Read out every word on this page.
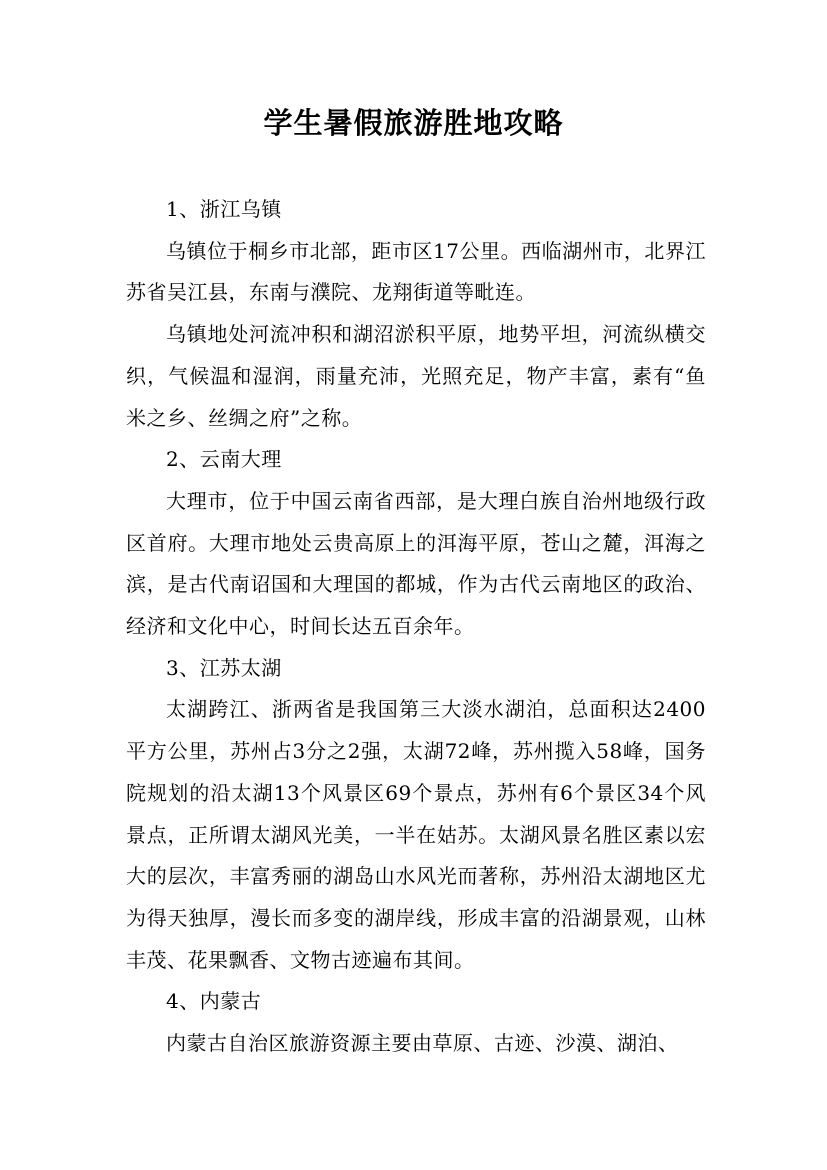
学生暑假旅游胜地攻略

1、浙江乌镇

乌镇位于桐乡市北部，距市区17公里。西临湖州市，北界江苏省吴江县，东南与濮院、龙翔街道等毗连。

乌镇地处河流冲积和湖沼淤积平原，地势平坦，河流纵横交织，气候温和湿润，雨量充沛，光照充足，物产丰富，素有“鱼米之乡、丝绸之府”之称。

2、云南大理

大理市，位于中国云南省西部，是大理白族自治州地级行政区首府。大理市地处云贵高原上的洱海平原，苍山之麓，洱海之滨，是古代南诏国和大理国的都城，作为古代云南地区的政治、经济和文化中心，时间长达五百余年。

3、江苏太湖

太湖跨江、浙两省是我国第三大淡水湖泊，总面积达2400平方公里，苏州占3分之2强，太湖72峰，苏州揽入58峰，国务院规划的沿太湖13个风景区69个景点，苏州有6个景区34个风景点，正所谓太湖风光美，一半在姑苏。太湖风景名胜区素以宏大的层次，丰富秀丽的湖岛山水风光而著称，苏州沿太湖地区尤为得天独厚，漫长而多变的湖岸线，形成丰富的沿湖景观，山林丰茂、花果飘香、文物古迹遍布其间。

4、内蒙古

内蒙古自治区旅游资源主要由草原、古迹、沙漠、湖泊、
